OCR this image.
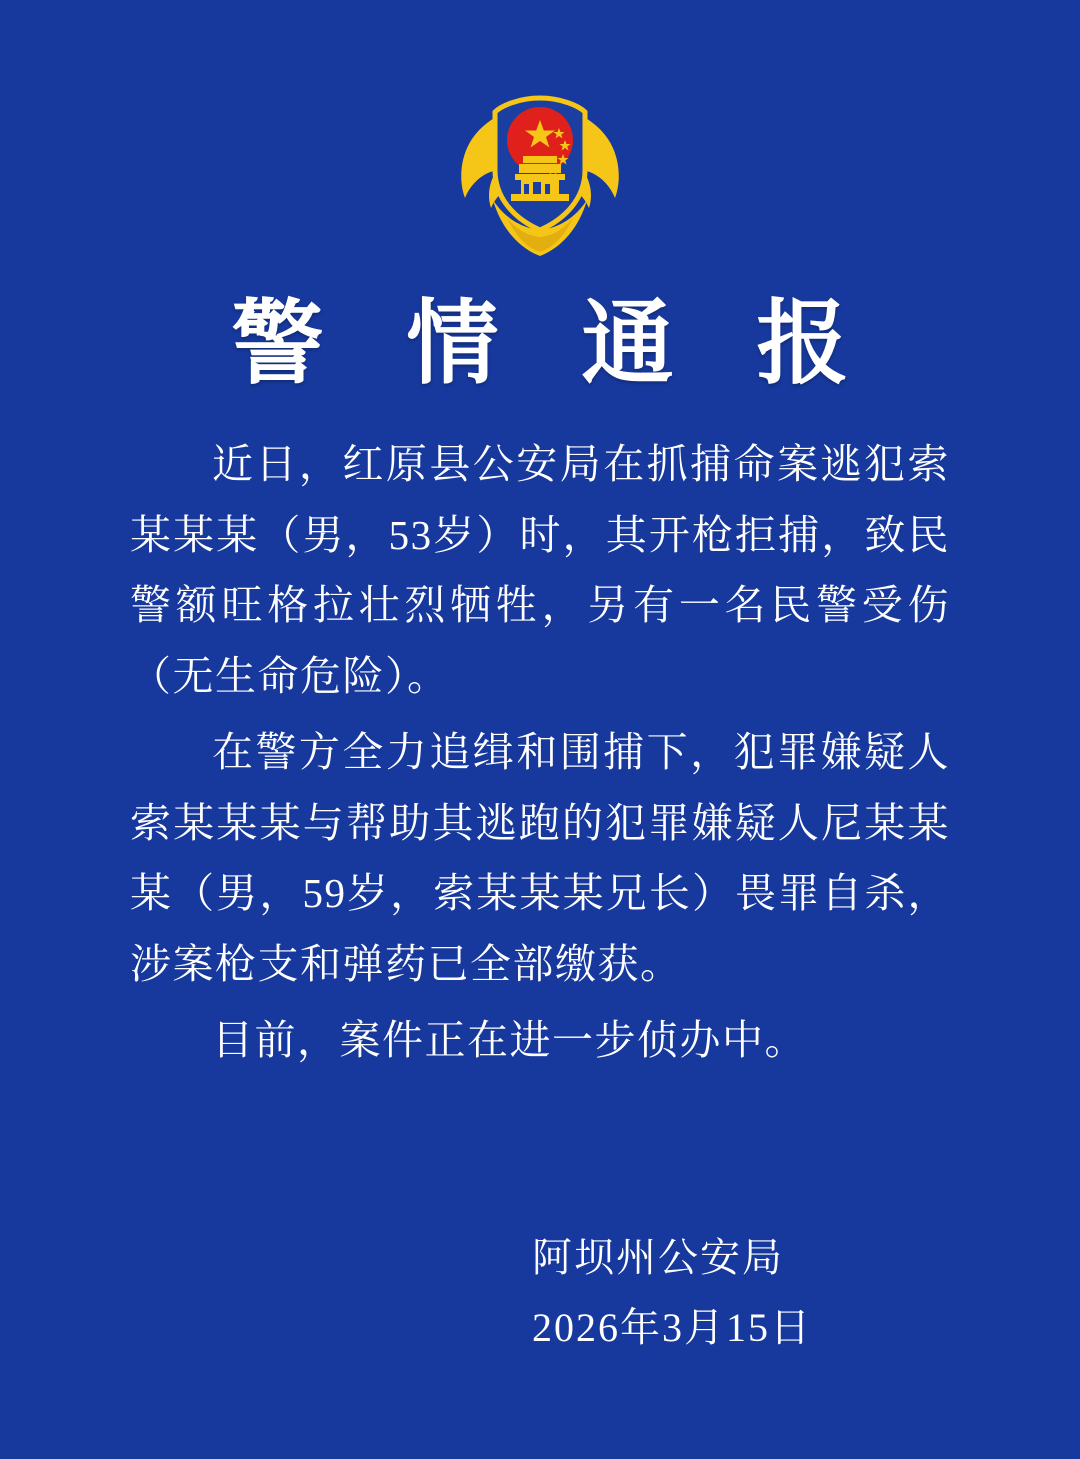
警 情 通 报

近日，红原县公安局在抓捕命案逃犯索某某某（男，53岁）时，其开枪拒捕，致民警额旺格拉壮烈牺牲，另有一名民警受伤（无生命危险）。

在警方全力追缉和围捕下，犯罪嫌疑人索某某某与帮助其逃跑的犯罪嫌疑人尼某某某（男，59岁，索某某某兄长）畏罪自杀，涉案枪支和弹药已全部缴获。

目前，案件正在进一步侦办中。

阿坝州公安局
2026年3月15日
